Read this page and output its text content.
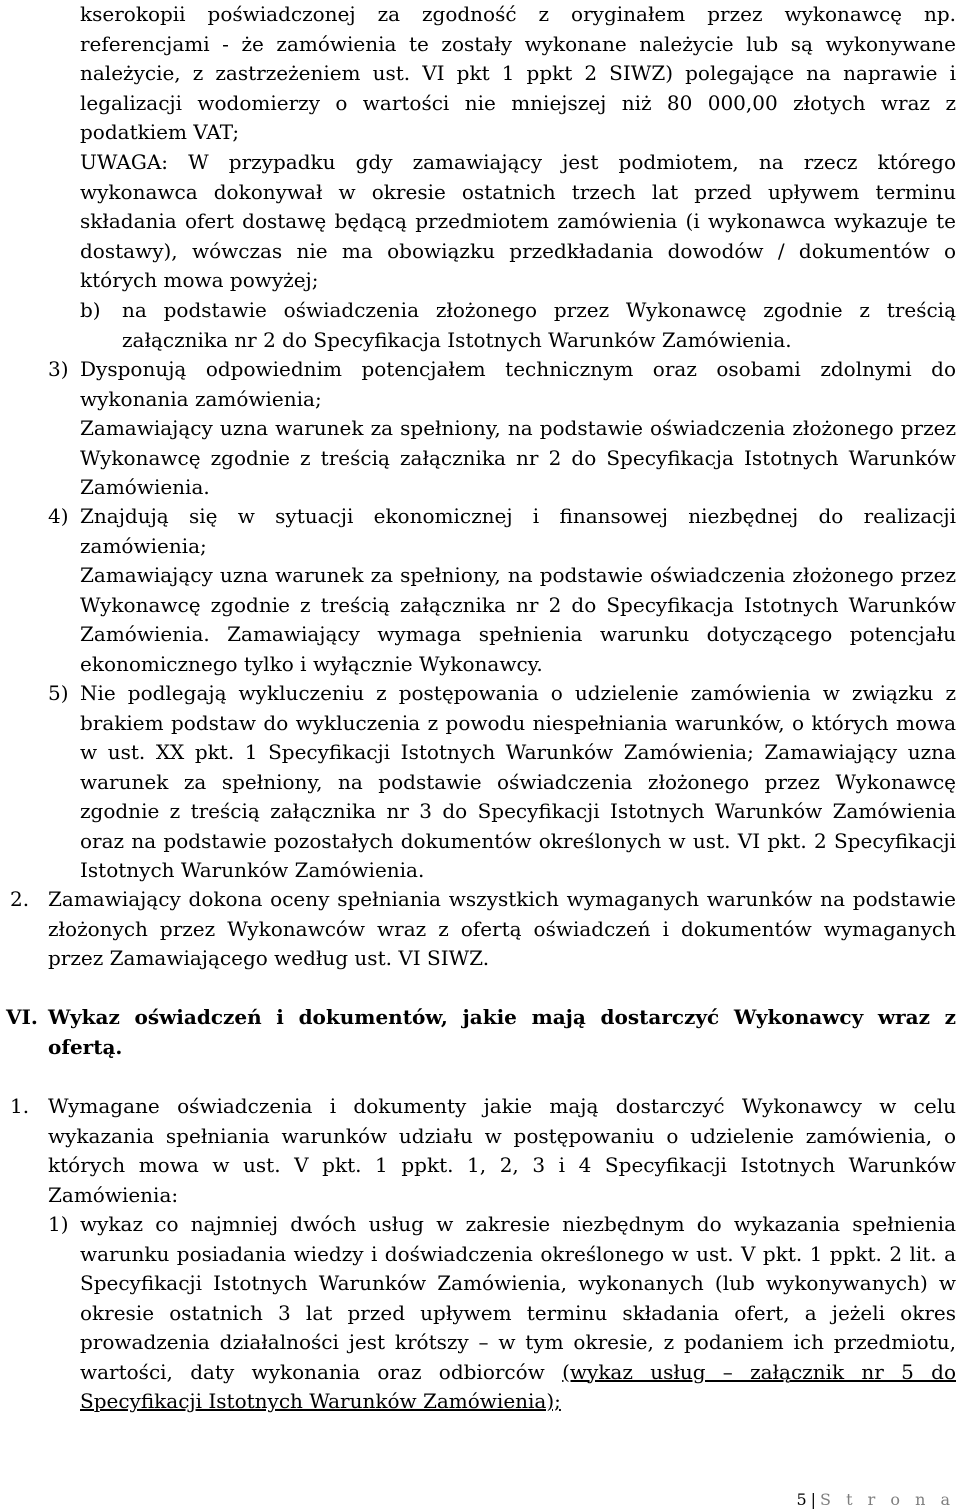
kserokopii poświadczonej za zgodność z oryginałem przez wykonawcę np. referencjami - że zamówienia te zostały wykonane należycie lub są wykonywane należycie, z zastrzeżeniem ust. VI pkt 1 ppkt 2 SIWZ) polegające na naprawie i legalizacji wodomierzy o wartości nie mniejszej niż 80 000,00 złotych wraz z podatkiem VAT;

UWAGA: W przypadku gdy zamawiający jest podmiotem, na rzecz którego wykonawca dokonywał w okresie ostatnich trzech lat przed upływem terminu składania ofert dostawę będącą przedmiotem zamówienia (i wykonawca wykazuje te dostawy), wówczas nie ma obowiązku przedkładania dowodów / dokumentów o których mowa powyżej;

b) na podstawie oświadczenia złożonego przez Wykonawcę zgodnie z treścią załącznika nr 2 do Specyfikacja Istotnych Warunków Zamówienia.

3) Dysponują odpowiednim potencjałem technicznym oraz osobami zdolnymi do wykonania zamówienia;

Zamawiający uzna warunek za spełniony, na podstawie oświadczenia złożonego przez Wykonawcę zgodnie z treścią załącznika nr 2 do Specyfikacja Istotnych Warunków Zamówienia.

4) Znajdują się w sytuacji ekonomicznej i finansowej niezbędnej do realizacji zamówienia;

Zamawiający uzna warunek za spełniony, na podstawie oświadczenia złożonego przez Wykonawcę zgodnie z treścią załącznika nr 2 do Specyfikacja Istotnych Warunków Zamówienia. Zamawiający wymaga spełnienia warunku dotyczącego potencjału ekonomicznego tylko i wyłącznie Wykonawcy.

5) Nie podlegają wykluczeniu z postępowania o udzielenie zamówienia w związku z brakiem podstaw do wykluczenia z powodu niespełniania warunków, o których mowa w ust. XX pkt. 1 Specyfikacji Istotnych Warunków Zamówienia; Zamawiający uzna warunek za spełniony, na podstawie oświadczenia złożonego przez Wykonawcę zgodnie z treścią załącznika nr 3 do Specyfikacji Istotnych Warunków Zamówienia oraz na podstawie pozostałych dokumentów określonych w ust. VI pkt. 2 Specyfikacji Istotnych Warunków Zamówienia.

2. Zamawiający dokona oceny spełniania wszystkich wymaganych warunków na podstawie złożonych przez Wykonawców wraz z ofertą oświadczeń i dokumentów wymaganych przez Zamawiającego według ust. VI SIWZ.

VI. Wykaz oświadczeń i dokumentów, jakie mają dostarczyć Wykonawcy wraz z ofertą.

1. Wymagane oświadczenia i dokumenty jakie mają dostarczyć Wykonawcy w celu wykazania spełniania warunków udziału w postępowaniu o udzielenie zamówienia, o których mowa w ust. V pkt. 1 ppkt. 1, 2, 3 i 4 Specyfikacji Istotnych Warunków Zamówienia:

1) wykaz co najmniej dwóch usług w zakresie niezbędnym do wykazania spełnienia warunku posiadania wiedzy i doświadczenia określonego w ust. V pkt. 1 ppkt. 2 lit. a Specyfikacji Istotnych Warunków Zamówienia, wykonanych (lub wykonywanych) w okresie ostatnich 3 lat przed upływem terminu składania ofert, a jeżeli okres prowadzenia działalności jest krótszy – w tym okresie, z podaniem ich przedmiotu, wartości, daty wykonania oraz odbiorców (wykaz usług – załącznik nr 5 do Specyfikacji Istotnych Warunków Zamówienia);

5 | S t r o n a
